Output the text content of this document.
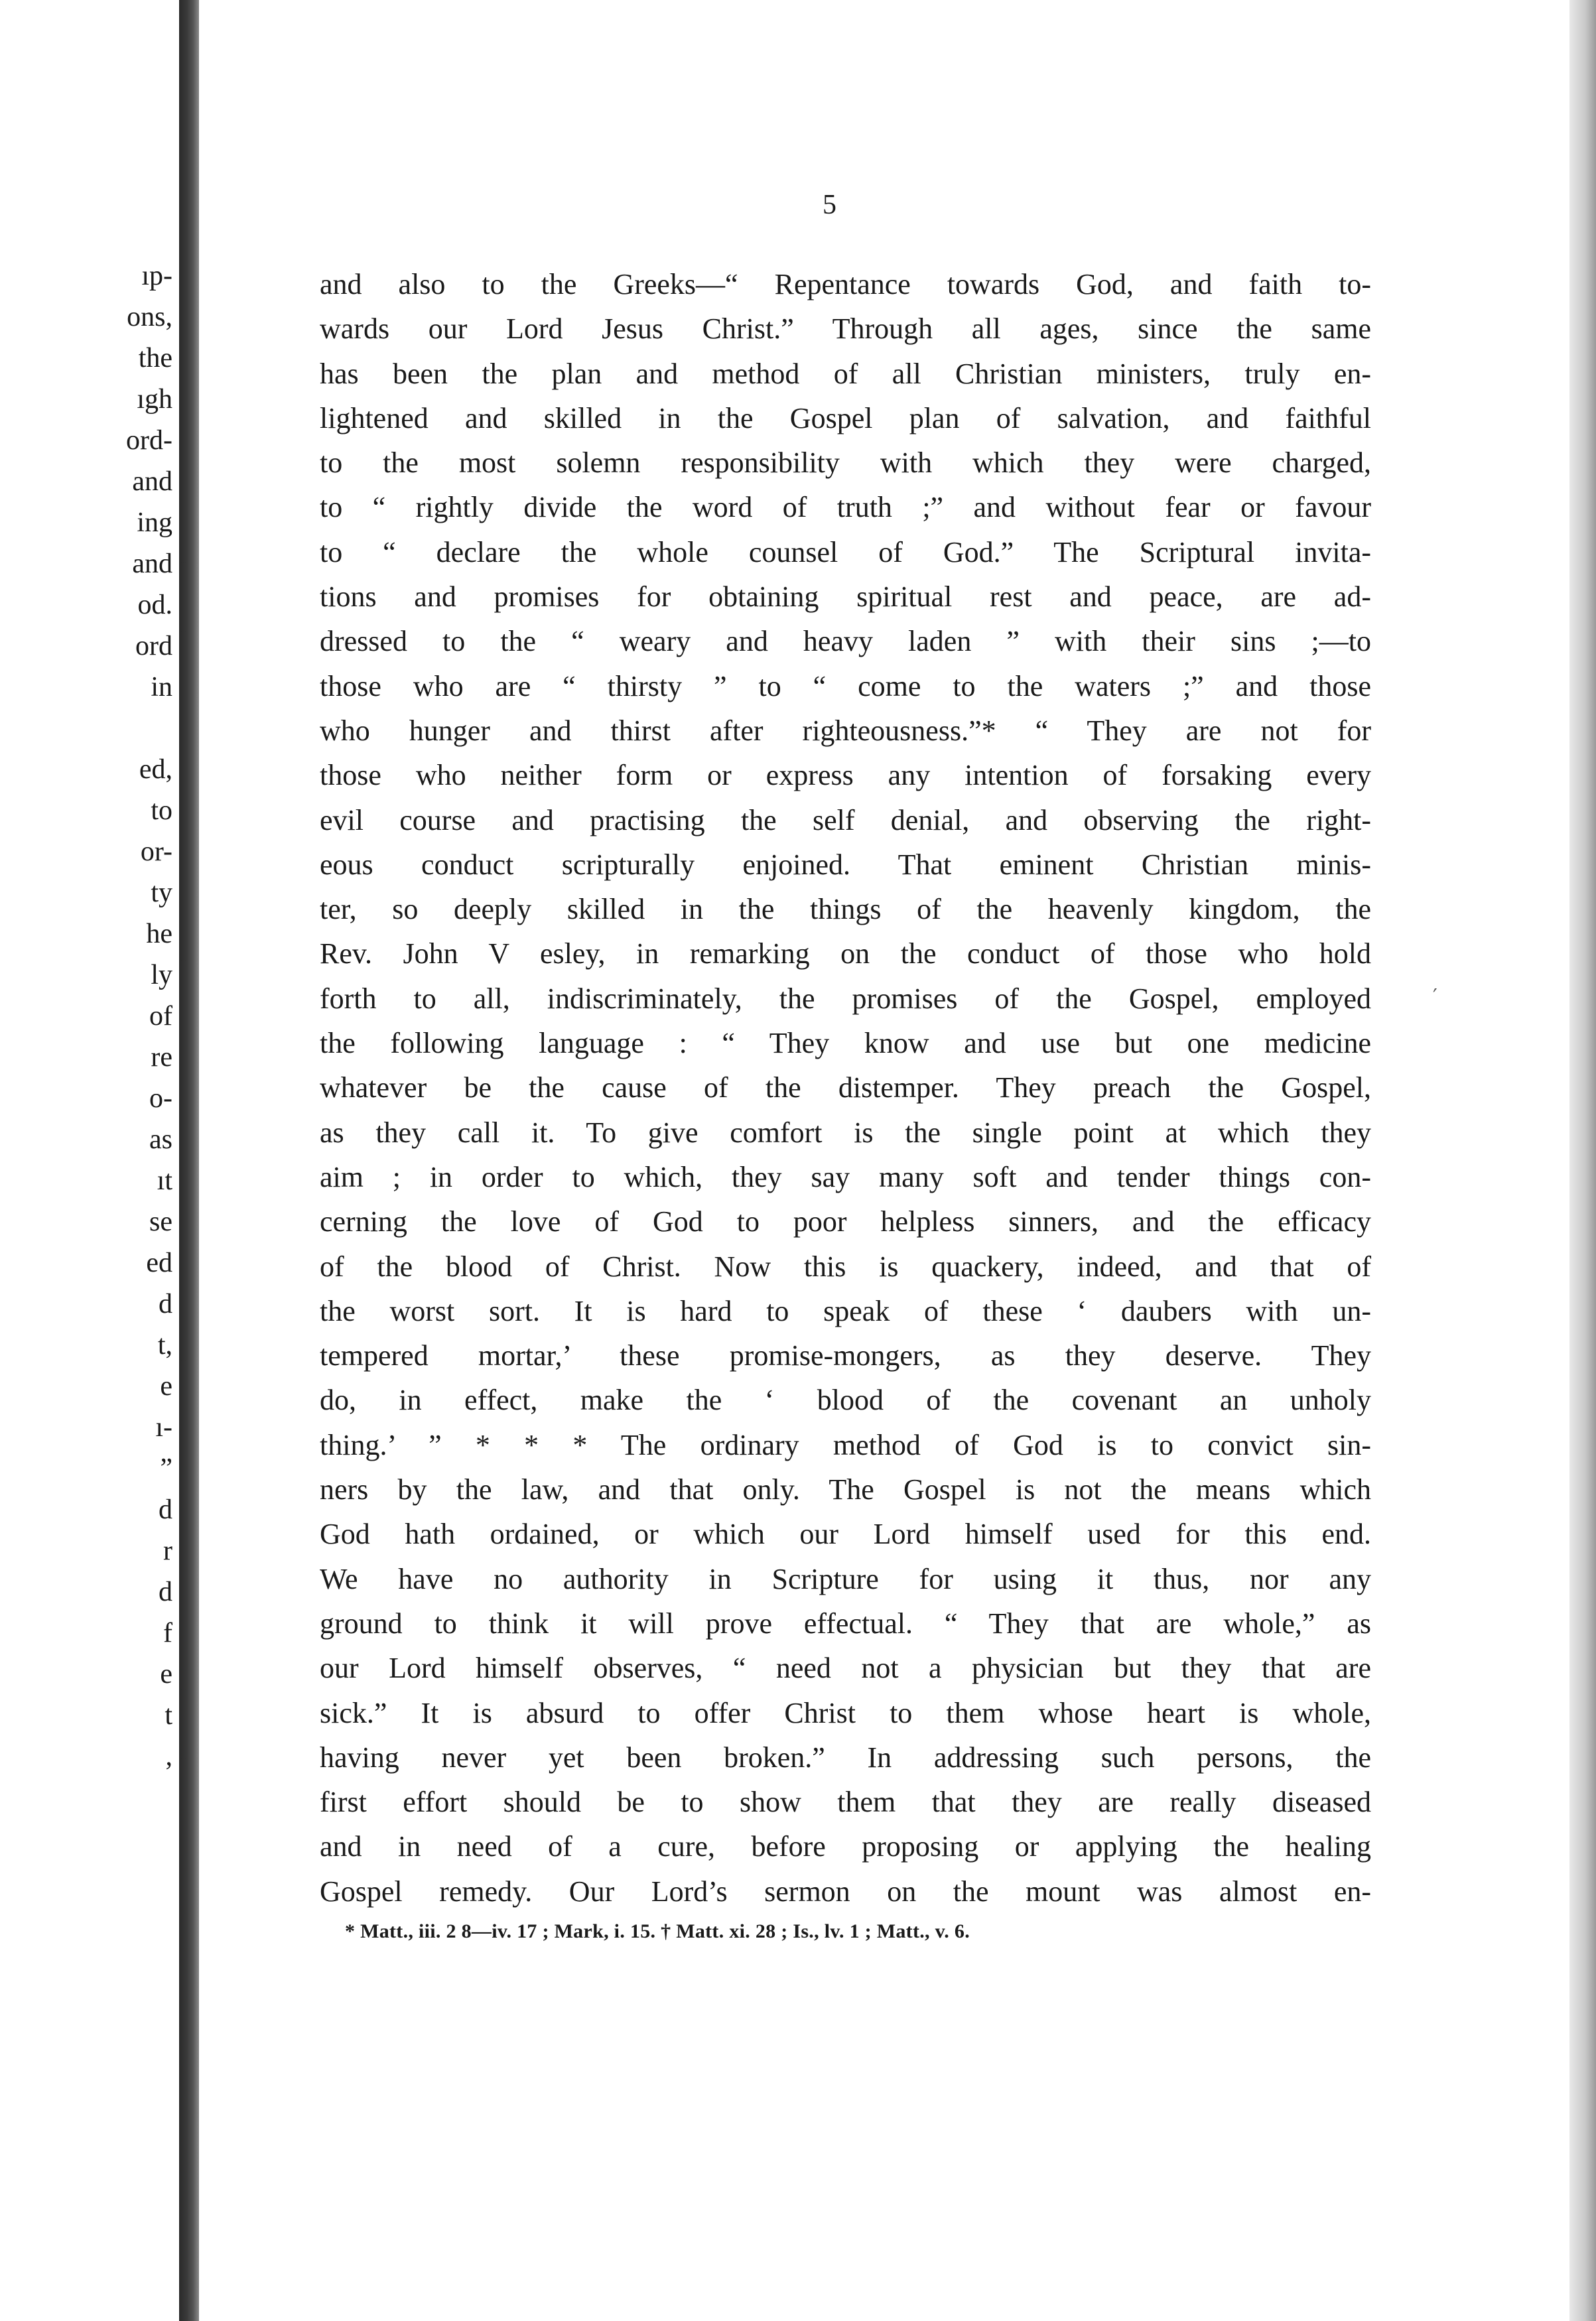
ıp-
ons,
the
ıgh
ord-
and
ing
and
od.
ord
in
ed,
to
or-
ty
he
ly
of
re
o-
as
ıt
se
ed
d
t,
e
ı-
”
d
r
d
f
e
t
,
5
and also to the Greeks—“ Repentance towards God, and faith to-
wards our Lord Jesus Christ.” Through all ages, since the same
has been the plan and method of all Christian ministers, truly en-
lightened and skilled in the Gospel plan of salvation, and faithful
to the most solemn responsibility with which they were charged,
to “ rightly divide the word of truth ;” and without fear or favour
to “ declare the whole counsel of God.” The Scriptural invita-
tions and promises for obtaining spiritual rest and peace, are ad-
dressed to the “ weary and heavy laden ” with their sins ;—to
those who are “ thirsty ” to “ come to the waters ;” and those
who hunger and thirst after righteousness.”* “ They are not for
those who neither form or express any intention of forsaking every
evil course and practising the self denial, and observing the right-
eous conduct scripturally enjoined. That eminent Christian minis-
ter, so deeply skilled in the things of the heavenly kingdom, the
Rev. John V esley, in remarking on the conduct of those who hold
forth to all, indiscriminately, the promises of the Gospel, employed
the following language : “ They know and use but one medicine
whatever be the cause of the distemper. They preach the Gospel,
as they call it. To give comfort is the single point at which they
aim ; in order to which, they say many soft and tender things con-
cerning the love of God to poor helpless sinners, and the efficacy
of the blood of Christ. Now this is quackery, indeed, and that of
the worst sort. It is hard to speak of these ‘ daubers with un-
tempered mortar,’ these promise-mongers, as they deserve. They
do, in effect, make the ‘ blood of the covenant an unholy
thing.’ ” * * * The ordinary method of God is to convict sin-
ners by the law, and that only. The Gospel is not the means which
God hath ordained, or which our Lord himself used for this end.
We have no authority in Scripture for using it thus, nor any
ground to think it will prove effectual. “ They that are whole,” as
our Lord himself observes, “ need not a physician but they that are
sick.” It is absurd to offer Christ to them whose heart is whole,
having never yet been broken.” In addressing such persons, the
first effort should be to show them that they are really diseased
and in need of a cure, before proposing or applying the healing
Gospel remedy. Our Lord’s sermon on the mount was almost en-
′
* Matt., iii. 2 8—iv. 17 ; Mark, i. 15. † Matt. xi. 28 ; Is., lv. 1 ; Matt., v. 6.
